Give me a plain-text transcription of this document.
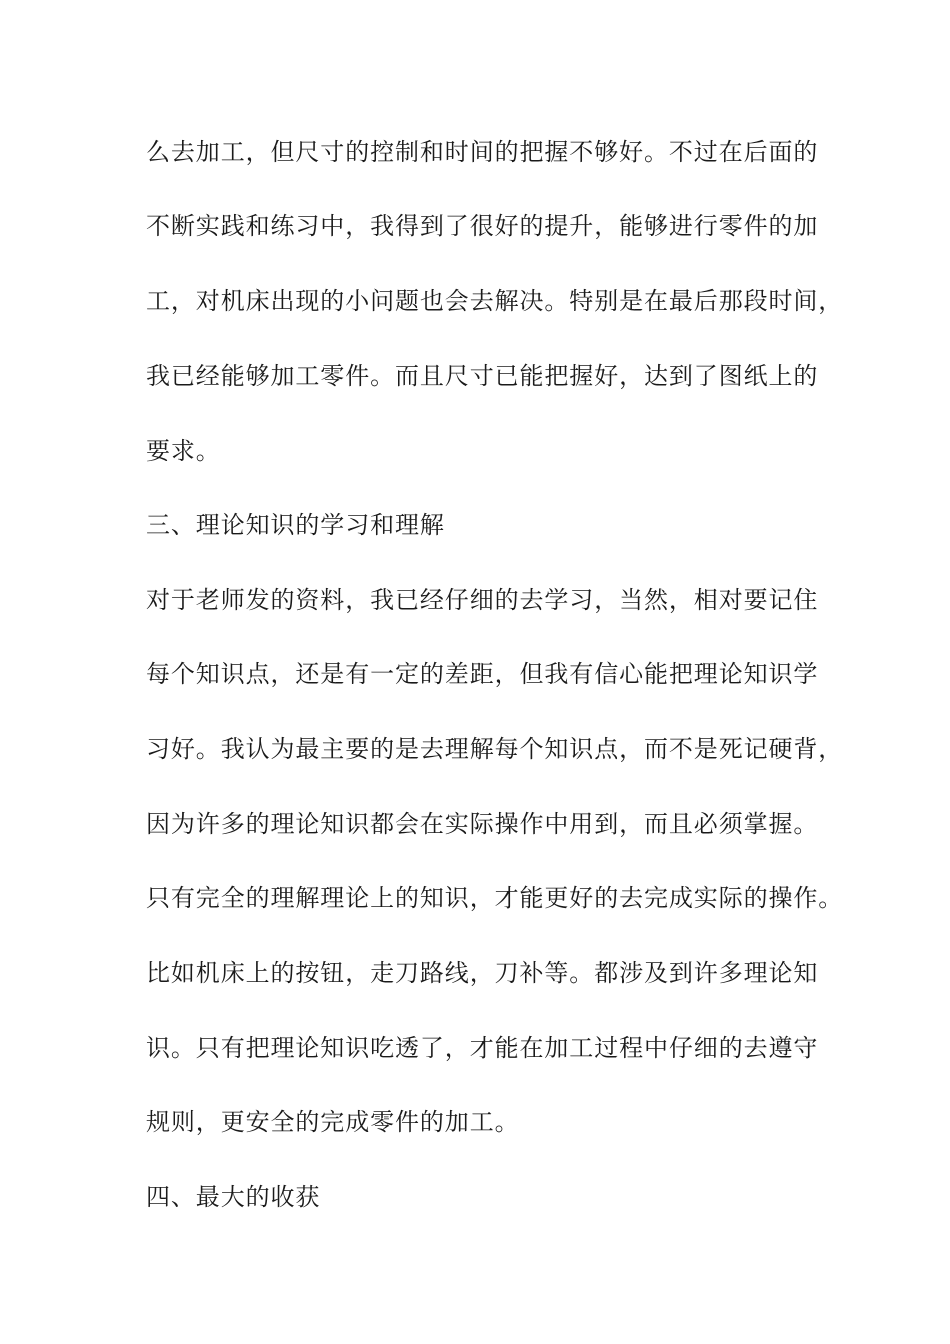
么去加工，但尺寸的控制和时间的把握不够好。不过在后面的
不断实践和练习中，我得到了很好的提升，能够进行零件的加
工，对机床出现的小问题也会去解决。特别是在最后那段时间，
我已经能够加工零件。而且尺寸已能把握好，达到了图纸上的
要求。
三、理论知识的学习和理解
对于老师发的资料，我已经仔细的去学习，当然，相对要记住
每个知识点，还是有一定的差距，但我有信心能把理论知识学
习好。我认为最主要的是去理解每个知识点，而不是死记硬背，
因为许多的理论知识都会在实际操作中用到，而且必须掌握。
只有完全的理解理论上的知识，才能更好的去完成实际的操作。
比如机床上的按钮，走刀路线，刀补等。都涉及到许多理论知
识。只有把理论知识吃透了，才能在加工过程中仔细的去遵守
规则，更安全的完成零件的加工。
四、最大的收获
